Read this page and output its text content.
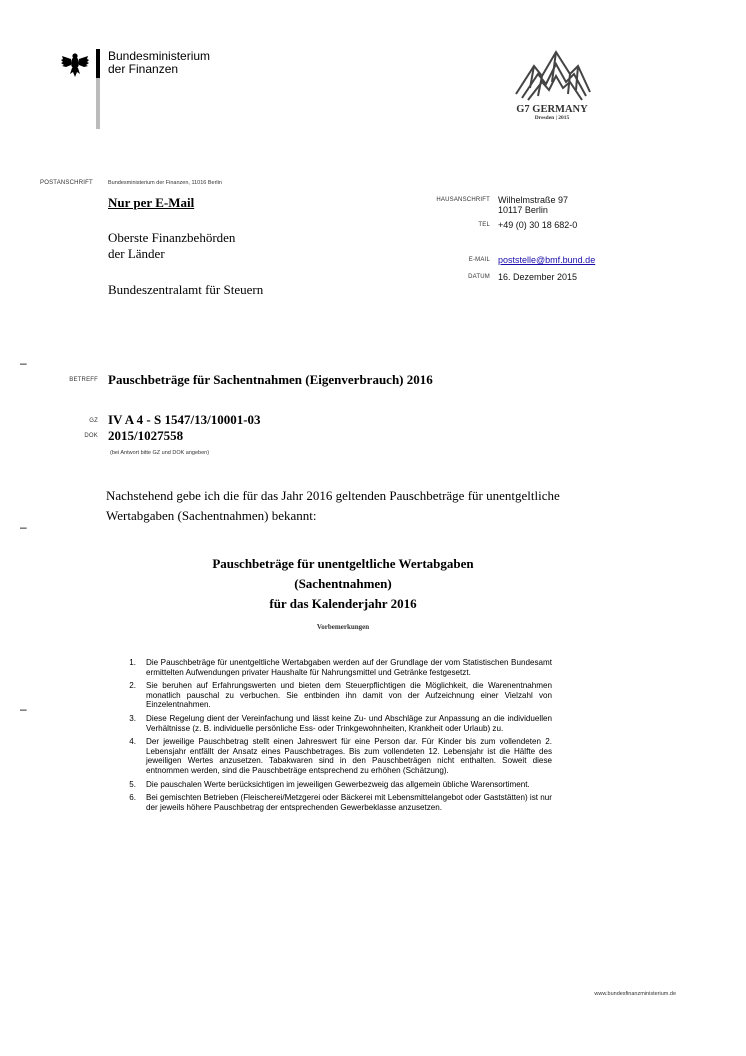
Bundesministerium
der Finanzen
G7 GERMANY
Dresden | 2015
POSTANSCHRIFT	Bundesministerium der Finanzen, 11016 Berlin
Nur per E-Mail
Oberste Finanzbehörden
der Länder
Bundeszentralamt für Steuern
HAUSANSCHRIFT Wilhelmstraße 97
10117 Berlin
TEL +49 (0) 30 18 682-0
E-MAIL poststelle@bmf.bund.de
DATUM 16. Dezember 2015
–
–
–
BETREFF Pauschbeträge für Sachentnahmen (Eigenverbrauch) 2016
GZ IV A 4 - S 1547/13/10001-03
DOK 2015/1027558
(bei Antwort bitte GZ und DOK angeben)
Nachstehend gebe ich die für das Jahr 2016 geltenden Pauschbeträge für unentgeltliche
Wertabgaben (Sachentnahmen) bekannt:
Pauschbeträge für unentgeltliche Wertabgaben
(Sachentnahmen)
für das Kalenderjahr 2016
Vorbemerkungen
1. Die Pauschbeträge für unentgeltliche Wertabgaben werden auf der Grundlage der vom Statistischen Bundesamt ermittelten Aufwendungen privater Haushalte für Nahrungsmittel und Getränke festgesetzt.
2. Sie beruhen auf Erfahrungswerten und bieten dem Steuerpflichtigen die Möglichkeit, die Warenentnahmen monatlich pauschal zu verbuchen. Sie entbinden ihn damit von der Aufzeichnung einer Vielzahl von Einzelentnahmen.
3. Diese Regelung dient der Vereinfachung und lässt keine Zu- und Abschläge zur Anpassung an die individuellen Verhältnisse (z. B. individuelle persönliche Ess- oder Trinkgewohnheiten, Krankheit oder Urlaub) zu.
4. Der jeweilige Pauschbetrag stellt einen Jahreswert für eine Person dar. Für Kinder bis zum vollendeten 2. Lebensjahr entfällt der Ansatz eines Pauschbetrages. Bis zum vollendeten 12. Lebensjahr ist die Hälfte des jeweiligen Wertes anzusetzen. Tabakwaren sind in den Pauschbeträgen nicht enthalten. Soweit diese entnommen werden, sind die Pauschbeträge entsprechend zu erhöhen (Schätzung).
5. Die pauschalen Werte berücksichtigen im jeweiligen Gewerbezweig das allgemein übliche Warensortiment.
6. Bei gemischten Betrieben (Fleischerei/Metzgerei oder Bäckerei mit Lebensmittelangebot oder Gaststätten) ist nur der jeweils höhere Pauschbetrag der entsprechenden Gewerbeklasse anzusetzen.
www.bundesfinanzministerium.de
